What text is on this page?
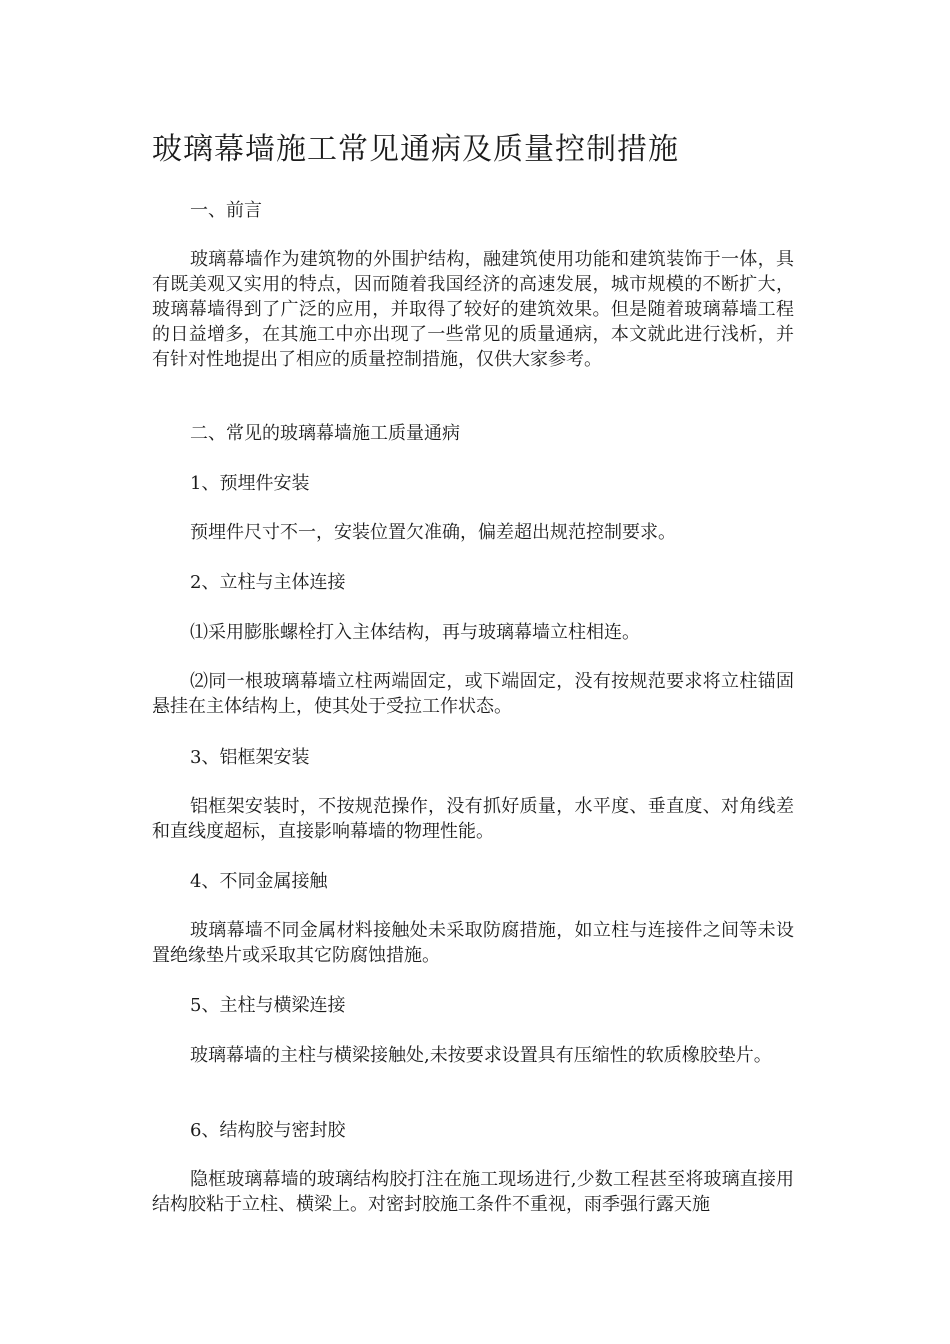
玻璃幕墙施工常见通病及质量控制措施

一、前言

玻璃幕墙作为建筑物的外围护结构，融建筑使用功能和建筑装饰于一体，具有既美观又实用的特点，因而随着我国经济的高速发展，城市规模的不断扩大，玻璃幕墙得到了广泛的应用，并取得了较好的建筑效果。但是随着玻璃幕墙工程的日益增多，在其施工中亦出现了一些常见的质量通病，本文就此进行浅析，并有针对性地提出了相应的质量控制措施，仅供大家参考。

二、常见的玻璃幕墙施工质量通病

1、预埋件安装

预埋件尺寸不一，安装位置欠准确，偏差超出规范控制要求。

2、立柱与主体连接

⑴采用膨胀螺栓打入主体结构，再与玻璃幕墙立柱相连。

⑵同一根玻璃幕墙立柱两端固定，或下端固定，没有按规范要求将立柱锚固悬挂在主体结构上，使其处于受拉工作状态。

3、铝框架安装

铝框架安装时，不按规范操作，没有抓好质量，水平度、垂直度、对角线差和直线度超标，直接影响幕墙的物理性能。

4、不同金属接触

玻璃幕墙不同金属材料接触处未采取防腐措施，如立柱与连接件之间等未设置绝缘垫片或采取其它防腐蚀措施。

5、主柱与横梁连接

玻璃幕墙的主柱与横梁接触处,未按要求设置具有压缩性的软质橡胶垫片。

6、结构胶与密封胶

隐框玻璃幕墙的玻璃结构胶打注在施工现场进行,少数工程甚至将玻璃直接用结构胶粘于立柱、横梁上。对密封胶施工条件不重视，雨季强行露天施
